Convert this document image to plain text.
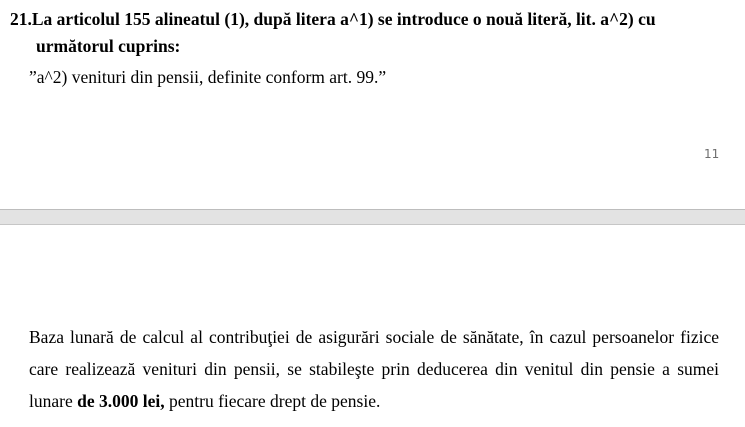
21.La articolul 155 alineatul (1), după litera a^1) se introduce o nouă literă, lit. a^2) cu

următorul cuprins:

”a^2) venituri din pensii, definite conform art. 99.”

11

Baza lunară de calcul al contribuţiei de asigurări sociale de sănătate, în cazul persoanelor fizice care realizează venituri din pensii, se stabileşte prin deducerea din venitul din pensie a sumei lunare de 3.000 lei, pentru fiecare drept de pensie.
